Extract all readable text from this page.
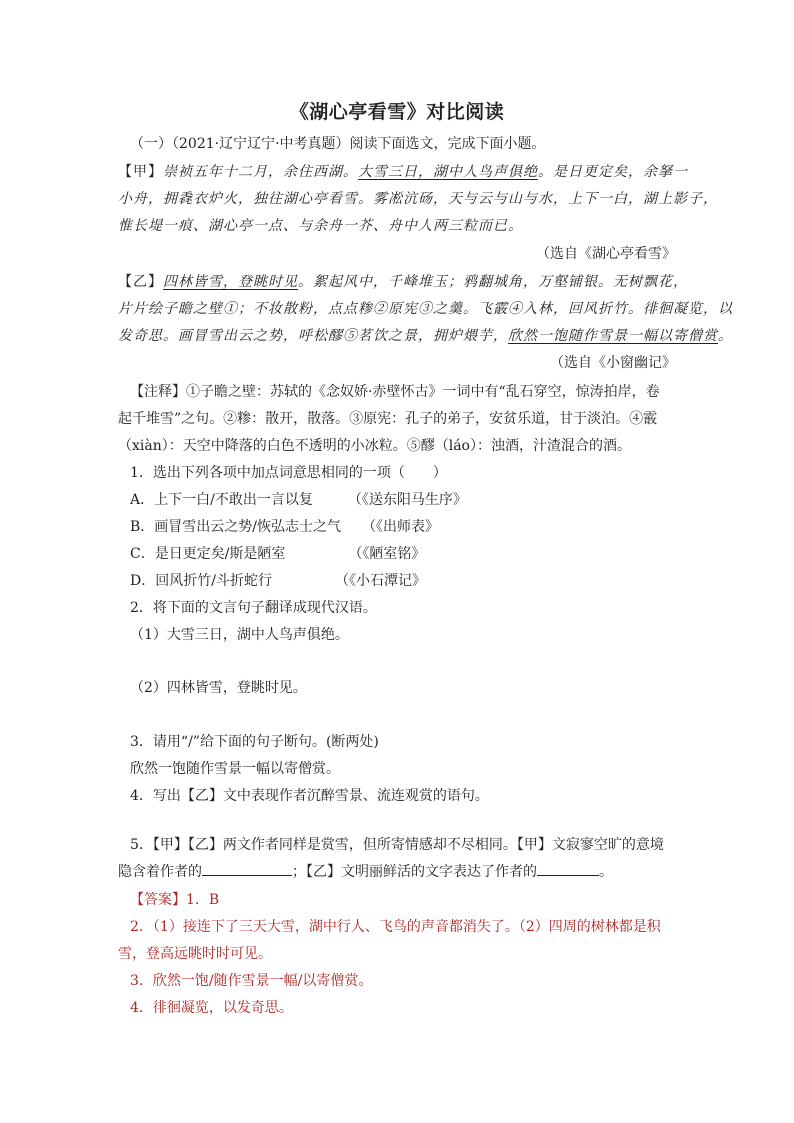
《湖心亭看雪》对比阅读
（一）（2021·辽宁辽宁·中考真题）阅读下面选文，完成下面小题。
【甲】崇祯五年十二月，余住西湖。大雪三日，湖中人鸟声俱绝。是日更定矣，余拏一
小舟，拥毳衣炉火，独往湖心亭看雪。雾凇沆砀，天与云与山与水，上下一白，湖上影子，
惟长堤一痕、湖心亭一点、与余舟一芥、舟中人两三粒而已。
（选自《湖心亭看雪》
【乙】四林皆雪，登眺时见。絮起风中，千峰堆玉；鸦翻城角，万壑铺银。无树飘花，
片片绘子瞻之壁①；不妆散粉，点点糁②原宪③之羹。飞霰④入林，回风折竹。徘徊凝览，以
发奇思。画冒雪出云之势，呼松醪⑤茗饮之景，拥炉煨芋，欣然一饱随作雪景一幅以寄僧赏。
（选自《小窗幽记》
【注释】①子瞻之壁：苏轼的《念奴娇·赤壁怀古》一词中有“乱石穿空，惊涛拍岸，卷
起千堆雪”之句。②糁：散开，散落。③原宪：孔子的弟子，安贫乐道，甘于淡泊。④霰
（xiàn）：天空中降落的白色不透明的小冰粒。⑤醪（láo）：浊酒，汁渣混合的酒。
1．选出下列各项中加点词意思相同的一项（　　）
A．上下一白/不敢出一言以复　　　（《送东阳马生序》
B．画冒雪出云之势/恢弘志士之气　　（《出师表》
C．是日更定矣/斯是陋室　　　　　（《陋室铭》
D．回风折竹/斗折蛇行　　　　　（《小石潭记》
2．将下面的文言句子翻译成现代汉语。
（1）大雪三日，湖中人鸟声俱绝。
（2）四林皆雪，登眺时见。
3．请用“/”给下面的句子断句。(断两处)
欣然一饱随作雪景一幅以寄僧赏。
4．写出【乙】文中表现作者沉醉雪景、流连观赏的语句。
5．【甲】【乙】两文作者同样是赏雪，但所寄情感却不尽相同。【甲】文寂寥空旷的意境
隐含着作者的	；【乙】文明丽鲜活的文字表达了作者的	。
【答案】1．B
2．（1）接连下了三天大雪，湖中行人、飞鸟的声音都消失了。（2）四周的树林都是积
雪，登高远眺时时可见。
3．欣然一饱/随作雪景一幅/以寄僧赏。
4．徘徊凝览，以发奇思。
